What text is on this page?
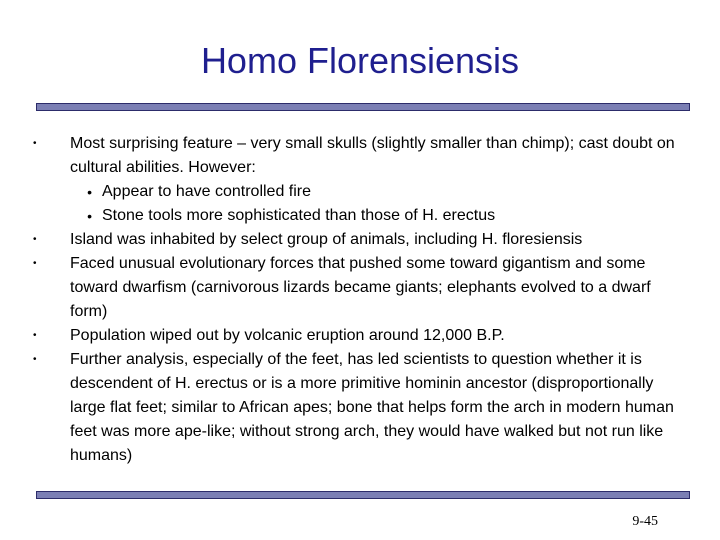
Homo Florensiensis
•	Most surprising feature – very small skulls (slightly smaller than chimp); cast doubt on cultural abilities. However:
• Appear to have controlled fire
• Stone tools more sophisticated than those of H. erectus
•	Island was inhabited by select group of animals, including H. floresiensis
•	Faced unusual evolutionary forces that pushed some toward gigantism and some toward dwarfism (carnivorous lizards became giants; elephants evolved to a dwarf form)
•	Population wiped out by volcanic eruption around 12,000 B.P.
•	Further analysis, especially of the feet, has led scientists to question whether it is descendent of H. erectus or is a more primitive hominin ancestor (disproportionally large flat feet; similar to African apes; bone that helps form the arch in modern human feet was more ape-like; without strong arch, they would have walked but not run like humans)
9-45
